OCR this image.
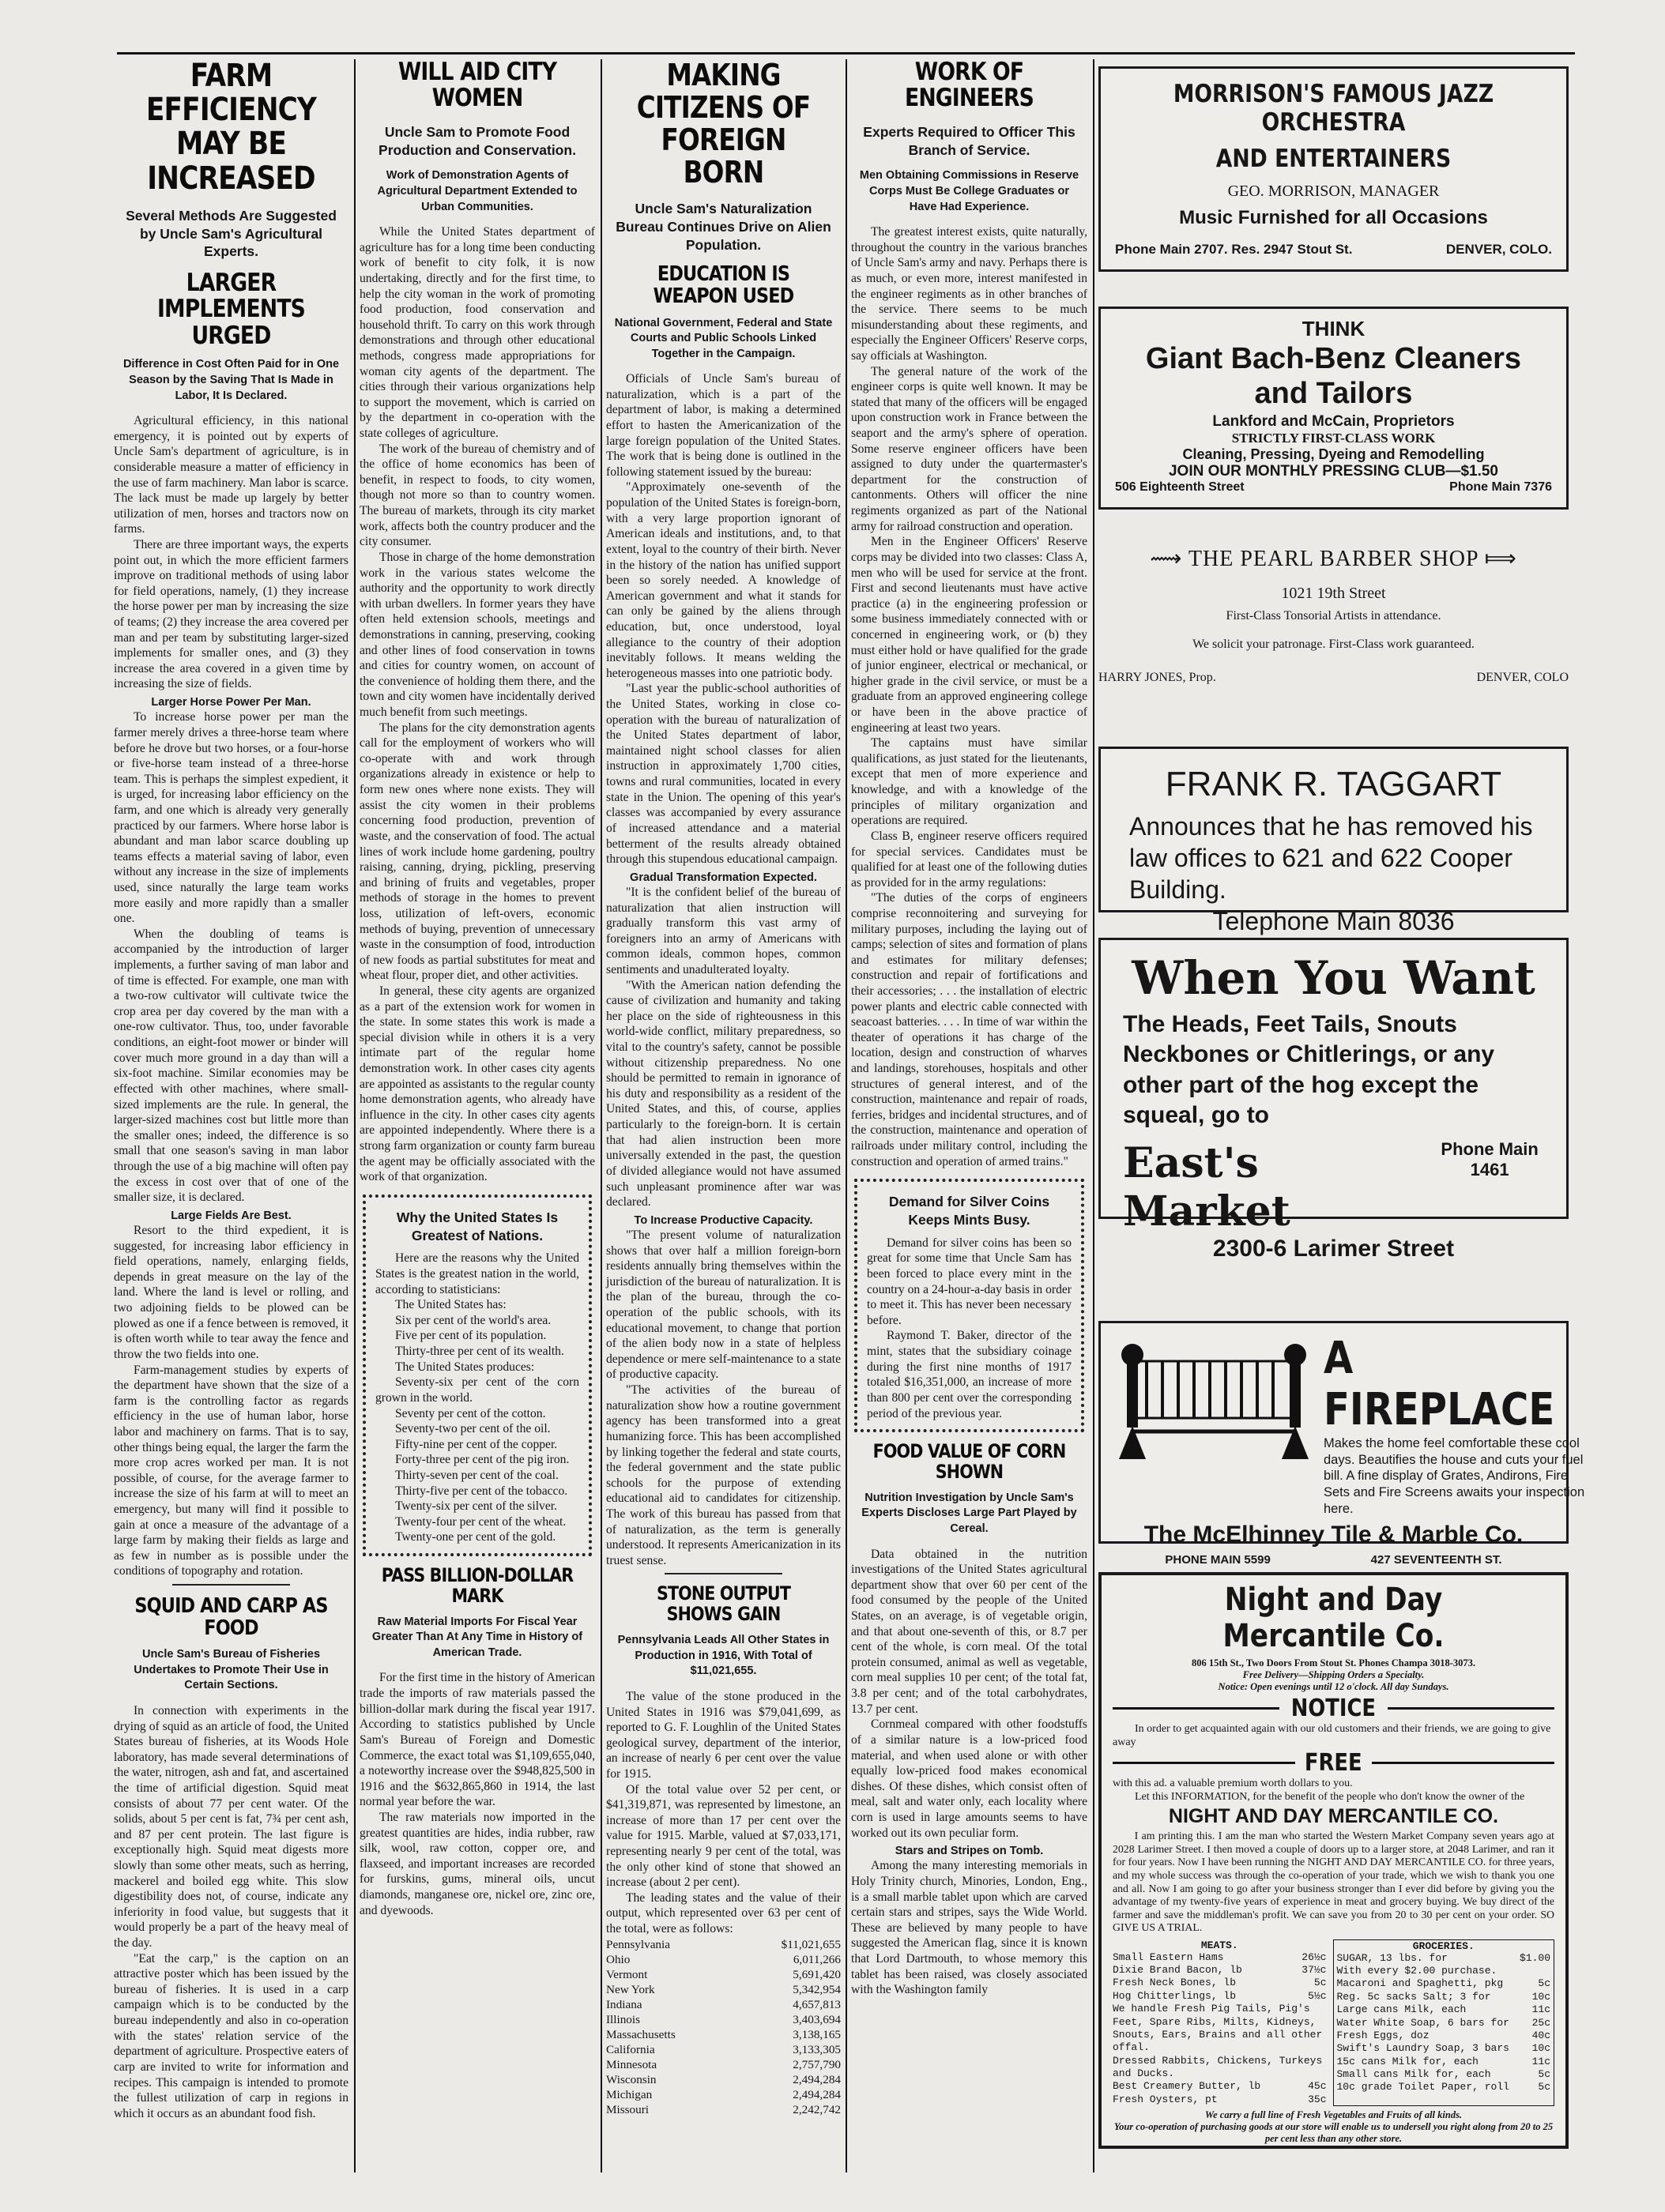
FARM EFFICIENCY MAY BE INCREASED
Several Methods Are Suggested by Uncle Sam's Agricultural Experts.
LARGER IMPLEMENTS URGED
Difference in Cost Often Paid for in One Season by the Saving That Is Made in Labor, It Is Declared.

Agricultural efficiency, in this national emergency, it is pointed out by experts of Uncle Sam's department of agriculture, is in considerable measure a matter of efficiency in the use of farm machinery. Man labor is scarce. The lack must be made up largely by better utilization of men, horses and tractors now on farms.

There are three important ways, the experts point out, in which the more efficient farmers improve on traditional methods of using labor for field operations, namely, (1) they increase the horse power per man by increasing the size of teams; (2) they increase the area covered per man and per team by substituting larger-sized implements for smaller ones, and (3) they increase the area covered in a given time by increasing the size of fields.

Larger Horse Power Per Man.

To increase horse power per man the farmer merely drives a three-horse team where before he drove but two horses, or a four-horse or five-horse team instead of a three-horse team. This is perhaps the simplest expedient, it is urged, for increasing labor efficiency on the farm, and one which is already very generally practiced by our farmers. Where horse labor is abundant and man labor scarce doubling up teams effects a material saving of labor, even without any increase in the size of implements used, since naturally the large team works more easily and more rapidly than a smaller one.

When the doubling of teams is accompanied by the introduction of larger implements, a further saving of man labor and of time is effected. For example, one man with a two-row cultivator will cultivate twice the crop area per day covered by the man with a one-row cultivator. Thus, too, under favorable conditions, an eight-foot mower or binder will cover much more ground in a day than will a six-foot machine. Similar economies may be effected with other machines, where small-sized implements are the rule. In general, the larger-sized machines cost but little more than the smaller ones; indeed, the difference is so small that one season's saving in man labor through the use of a big machine will often pay the excess in cost over that of one of the smaller size, it is declared.

Large Fields Are Best.

Resort to the third expedient, it is suggested, for increasing labor efficiency in field operations, namely, enlarging fields, depends in great measure on the lay of the land. Where the land is level or rolling, and two adjoining fields to be plowed can be plowed as one if a fence between is removed, it is often worth while to tear away the fence and throw the two fields into one.

Farm-management studies by experts of the department have shown that the size of a farm is the controlling factor as regards efficiency in the use of human labor, horse labor and machinery on farms. That is to say, other things being equal, the larger the farm the more crop acres worked per man. It is not possible, of course, for the average farmer to increase the size of his farm at will to meet an emergency, but many will find it possible to gain at once a measure of the advantage of a large farm by making their fields as large and as few in number as is possible under the conditions of topography and rotation.

SQUID AND CARP AS FOOD
Uncle Sam's Bureau of Fisheries Undertakes to Promote Their Use in Certain Sections.

In connection with experiments in the drying of squid as an article of food, the United States bureau of fisheries, at its Woods Hole laboratory, has made several determinations of the water, nitrogen, ash and fat, and ascertained the time of artificial digestion. Squid meat consists of about 77 per cent water. Of the solids, about 5 per cent is fat, 7¾ per cent ash, and 87 per cent protein. The last figure is exceptionally high. Squid meat digests more slowly than some other meats, such as herring, mackerel and boiled egg white. This slow digestibility does not, of course, indicate any inferiority in food value, but suggests that it would properly be a part of the heavy meal of the day.

"Eat the carp," is the caption on an attractive poster which has been issued by the bureau of fisheries. It is used in a carp campaign which is to be conducted by the bureau independently and also in co-operation with the states' relation service of the department of agriculture. Prospective eaters of carp are invited to write for information and recipes. This campaign is intended to promote the fullest utilization of carp in regions in which it occurs as an abundant food fish.

WILL AID CITY WOMEN
Uncle Sam to Promote Food Production and Conservation.
Work of Demonstration Agents of Agricultural Department Extended to Urban Communities.

While the United States department of agriculture has for a long time been conducting work of benefit to city folk, it is now undertaking, directly and for the first time, to help the city woman in the work of promoting food production, food conservation and household thrift. To carry on this work through demonstrations and through other educational methods, congress made appropriations for woman city agents of the department. The cities through their various organizations help to support the movement, which is carried on by the department in co-operation with the state colleges of agriculture.

The work of the bureau of chemistry and of the office of home economics has been of benefit, in respect to foods, to city women, though not more so than to country women. The bureau of markets, through its city market work, affects both the country producer and the city consumer.

Those in charge of the home demonstration work in the various states welcome the authority and the opportunity to work directly with urban dwellers. In former years they have often held extension schools, meetings and demonstrations in canning, preserving, cooking and other lines of food conservation in towns and cities for country women, on account of the convenience of holding them there, and the town and city women have incidentally derived much benefit from such meetings.

The plans for the city demonstration agents call for the employment of workers who will co-operate with and work through organizations already in existence or help to form new ones where none exists. They will assist the city women in their problems concerning food production, prevention of waste, and the conservation of food. The actual lines of work include home gardening, poultry raising, canning, drying, pickling, preserving and brining of fruits and vegetables, proper methods of storage in the homes to prevent loss, utilization of left-overs, economic methods of buying, prevention of unnecessary waste in the consumption of food, introduction of new foods as partial substitutes for meat and wheat flour, proper diet, and other activities.

In general, these city agents are organized as a part of the extension work for women in the state. In some states this work is made a special division while in others it is a very intimate part of the regular home demonstration work. In other cases city agents are appointed as assistants to the regular county home demonstration agents, who already have influence in the city. In other cases city agents are appointed independently. Where there is a strong farm organization or county farm bureau the agent may be officially associated with the work of that organization.

Why the United States Is Greatest of Nations.

Here are the reasons why the United States is the greatest nation in the world, according to statisticians:

The United States has:

Six per cent of the world's area.

Five per cent of its population.

Thirty-three per cent of its wealth.

The United States produces:

Seventy-six per cent of the corn grown in the world.

Seventy per cent of the cotton.

Seventy-two per cent of the oil.

Fifty-nine per cent of the copper.

Forty-three per cent of the pig iron.

Thirty-seven per cent of the coal.

Thirty-five per cent of the tobacco.

Twenty-six per cent of the silver.

Twenty-four per cent of the wheat.

Twenty-one per cent of the gold.

PASS BILLION-DOLLAR MARK
Raw Material Imports For Fiscal Year Greater Than At Any Time in History of American Trade.

For the first time in the history of American trade the imports of raw materials passed the billion-dollar mark during the fiscal year 1917. According to statistics published by Uncle Sam's Bureau of Foreign and Domestic Commerce, the exact total was $1,109,655,040, a noteworthy increase over the $948,825,500 in 1916 and the $632,865,860 in 1914, the last normal year before the war.

The raw materials now imported in the greatest quantities are hides, india rubber, raw silk, wool, raw cotton, copper ore, and flaxseed, and important increases are recorded for furskins, gums, mineral oils, uncut diamonds, manganese ore, nickel ore, zinc ore, and dyewoods.

MAKING CITIZENS OF FOREIGN BORN
Uncle Sam's Naturalization Bureau Continues Drive on Alien Population.
EDUCATION IS WEAPON USED
National Government, Federal and State Courts and Public Schools Linked Together in the Campaign.

Officials of Uncle Sam's bureau of naturalization, which is a part of the department of labor, is making a determined effort to hasten the Americanization of the large foreign population of the United States. The work that is being done is outlined in the following statement issued by the bureau:

"Approximately one-seventh of the population of the United States is foreign-born, with a very large proportion ignorant of American ideals and institutions, and, to that extent, loyal to the country of their birth. Never in the history of the nation has unified support been so sorely needed. A knowledge of American government and what it stands for can only be gained by the aliens through education, but, once understood, loyal allegiance to the country of their adoption inevitably follows. It means welding the heterogeneous masses into one patriotic body.

"Last year the public-school authorities of the United States, working in close co-operation with the bureau of naturalization of the United States department of labor, maintained night school classes for alien instruction in approximately 1,700 cities, towns and rural communities, located in every state in the Union. The opening of this year's classes was accompanied by every assurance of increased attendance and a material betterment of the results already obtained through this stupendous educational campaign.

Gradual Transformation Expected.

"It is the confident belief of the bureau of naturalization that alien instruction will gradually transform this vast army of foreigners into an army of Americans with common ideals, common hopes, common sentiments and unadulterated loyalty.

"With the American nation defending the cause of civilization and humanity and taking her place on the side of righteousness in this world-wide conflict, military preparedness, so vital to the country's safety, cannot be possible without citizenship preparedness. No one should be permitted to remain in ignorance of his duty and responsibility as a resident of the United States, and this, of course, applies particularly to the foreign-born. It is certain that had alien instruction been more universally extended in the past, the question of divided allegiance would not have assumed such unpleasant prominence after war was declared.

To Increase Productive Capacity.

"The present volume of naturalization shows that over half a million foreign-born residents annually bring themselves within the jurisdiction of the bureau of naturalization. It is the plan of the bureau, through the co-operation of the public schools, with its educational movement, to change that portion of the alien body now in a state of helpless dependence or mere self-maintenance to a state of productive capacity.

"The activities of the bureau of naturalization show how a routine government agency has been transformed into a great humanizing force. This has been accomplished by linking together the federal and state courts, the federal government and the state public schools for the purpose of extending educational aid to candidates for citizenship. The work of this bureau has passed from that of naturalization, as the term is generally understood. It represents Americanization in its truest sense.

STONE OUTPUT SHOWS GAIN
Pennsylvania Leads All Other States in Production in 1916, With Total of $11,021,655.

The value of the stone produced in the United States in 1916 was $79,041,699, as reported to G. F. Loughlin of the United States geological survey, department of the interior, an increase of nearly 6 per cent over the value for 1915.

Of the total value over 52 per cent, or $41,319,871, was represented by limestone, an increase of more than 17 per cent over the value for 1915. Marble, valued at $7,033,171, representing nearly 9 per cent of the total, was the only other kind of stone that showed an increase (about 2 per cent).

The leading states and the value of their output, which represented over 63 per cent of the total, were as follows:

Pennsylvania	$11,021,655
Ohio	6,011,266
Vermont	5,691,420
New York	5,342,954
Indiana	4,657,813
Illinois	3,403,694
Massachusetts	3,138,165
California	3,133,305
Minnesota	2,757,790
Wisconsin	2,494,284
Michigan	2,494,284
Missouri	2,242,742
WORK OF ENGINEERS
Experts Required to Officer This Branch of Service.
Men Obtaining Commissions in Reserve Corps Must Be College Graduates or Have Had Experience.

The greatest interest exists, quite naturally, throughout the country in the various branches of Uncle Sam's army and navy. Perhaps there is as much, or even more, interest manifested in the engineer regiments as in other branches of the service. There seems to be much misunderstanding about these regiments, and especially the Engineer Officers' Reserve corps, say officials at Washington.

The general nature of the work of the engineer corps is quite well known. It may be stated that many of the officers will be engaged upon construction work in France between the seaport and the army's sphere of operation. Some reserve engineer officers have been assigned to duty under the quartermaster's department for the construction of cantonments. Others will officer the nine regiments organized as part of the National army for railroad construction and operation.

Men in the Engineer Officers' Reserve corps may be divided into two classes: Class A, men who will be used for service at the front. First and second lieutenants must have active practice (a) in the engineering profession or some business immediately connected with or concerned in engineering work, or (b) they must either hold or have qualified for the grade of junior engineer, electrical or mechanical, or higher grade in the civil service, or must be a graduate from an approved engineering college or have been in the above practice of engineering at least two years.

The captains must have similar qualifications, as just stated for the lieutenants, except that men of more experience and knowledge, and with a knowledge of the principles of military organization and operations are required.

Class B, engineer reserve officers required for special services. Candidates must be qualified for at least one of the following duties as provided for in the army regulations:

"The duties of the corps of engineers comprise reconnoitering and surveying for military purposes, including the laying out of camps; selection of sites and formation of plans and estimates for military defenses; construction and repair of fortifications and their accessories; . . . the installation of electric power plants and electric cable connected with seacoast batteries. . . . In time of war within the theater of operations it has charge of the location, design and construction of wharves and landings, storehouses, hospitals and other structures of general interest, and of the construction, maintenance and repair of roads, ferries, bridges and incidental structures, and of the construction, maintenance and operation of railroads under military control, including the construction and operation of armed trains."

Demand for Silver Coins Keeps Mints Busy.

Demand for silver coins has been so great for some time that Uncle Sam has been forced to place every mint in the country on a 24-hour-a-day basis in order to meet it. This has never been necessary before.

Raymond T. Baker, director of the mint, states that the subsidiary coinage during the first nine months of 1917 totaled $16,351,000, an increase of more than 800 per cent over the corresponding period of the previous year.

FOOD VALUE OF CORN SHOWN
Nutrition Investigation by Uncle Sam's Experts Discloses Large Part Played by Cereal.

Data obtained in the nutrition investigations of the United States agricultural department show that over 60 per cent of the food consumed by the people of the United States, on an average, is of vegetable origin, and that about one-seventh of this, or 8.7 per cent of the whole, is corn meal. Of the total protein consumed, animal as well as vegetable, corn meal supplies 10 per cent; of the total fat, 3.8 per cent; and of the total carbohydrates, 13.7 per cent.

Cornmeal compared with other foodstuffs of a similar nature is a low-priced food material, and when used alone or with other equally low-priced food makes economical dishes. Of these dishes, which consist often of meal, salt and water only, each locality where corn is used in large amounts seems to have worked out its own peculiar form.

Stars and Stripes on Tomb.

Among the many interesting memorials in Holy Trinity church, Minories, London, Eng., is a small marble tablet upon which are carved certain stars and stripes, says the Wide World. These are believed by many people to have suggested the American flag, since it is known that Lord Dartmouth, to whose memory this tablet has been raised, was closely associated with the Washington family

MORRISON'S FAMOUS JAZZ ORCHESTRA
AND ENTERTAINERS
GEO. MORRISON, MANAGER
Music Furnished for all Occasions
Phone Main 2707. Res. 2947 Stout St.	DENVER, COLO.
THINK
Giant Bach-Benz Cleaners
and Tailors
Lankford and McCain, Proprietors
STRICTLY FIRST-CLASS WORK
Cleaning, Pressing, Dyeing and Remodelling
JOIN OUR MONTHLY PRESSING CLUB—$1.50
506 Eighteenth Street	Phone Main 7376
⟿ THE PEARL BARBER SHOP ⟾
1021 19th Street
First-Class Tonsorial Artists in attendance.
We solicit your patronage. First-Class work guaranteed.
HARRY JONES, Prop.	DENVER, COLO
FRANK R. TAGGART
Announces that he has removed his law offices to 621 and 622 Cooper Building.
Telephone Main 8036
When You Want
The Heads, Feet Tails, Snouts Neckbones or Chitlerings, or any other part of the hog except the squeal, go to
East's Market
Phone Main 1461
2300-6 Larimer Street
A FIREPLACE
Makes the home feel comfortable these cool days. Beautifies the house and cuts your fuel bill. A fine display of Grates, Andirons, Fire Sets and Fire Screens awaits your inspection here.
The McElhinney Tile & Marble Co.
PHONE MAIN 5599	427 SEVENTEENTH ST.
Night and Day Mercantile Co.
806 15th St., Two Doors From Stout St. Phones Champa 3018-3073.
Free Delivery—Shipping Orders a Specialty.
Notice: Open evenings until 12 o'clock. All day Sundays.
NOTICE
In order to get acquainted again with our old customers and their friends, we are going to give away
FREE
with this ad. a valuable premium worth dollars to you.
Let this INFORMATION, for the benefit of the people who don't know the owner of the
NIGHT AND DAY MERCANTILE CO.
I am printing this. I am the man who started the Western Market Company seven years ago at 2028 Larimer Street. I then moved a couple of doors up to a larger store, at 2048 Larimer, and ran it for four years. Now I have been running the NIGHT AND DAY MERCANTILE CO. for three years, and my whole success was through the co-operation of your trade, which we wish to thank you one and all. Now I am going to go after your business stronger than I ever did before by giving you the advantage of my twenty-five years of experience in meat and grocery buying. We buy direct of the farmer and save the middleman's profit. We can save you from 20 to 30 per cent on your order. SO GIVE US A TRIAL.
MEATS.
Small Eastern Hams	26½c
Dixie Brand Bacon, lb	37½c
Fresh Neck Bones, lb	5c
Hog Chitterlings, lb	5½c
We handle Fresh Pig Tails, Pig's Feet, Spare Ribs, Milts, Kidneys, Snouts, Ears, Brains and all other offal.
Dressed Rabbits, Chickens, Turkeys and Ducks.
Best Creamery Butter, lb	45c
Fresh Oysters, pt	35c
GROCERIES.
SUGAR, 13 lbs. for	$1.00
With every $2.00 purchase.
Macaroni and Spaghetti, pkg	5c
Reg. 5c sacks Salt; 3 for	10c
Large cans Milk, each	11c
Water White Soap, 6 bars for 25c
Fresh Eggs, doz	40c
Swift's Laundry Soap, 3 bars 10c
15c cans Milk for, each	11c
Small cans Milk for, each	5c
10c grade Toilet Paper, roll	5c
We carry a full line of Fresh Vegetables and Fruits of all kinds.
Your co-operation of purchasing goods at our store will enable us to undersell you right along from 20 to 25 per cent less than any other store.
